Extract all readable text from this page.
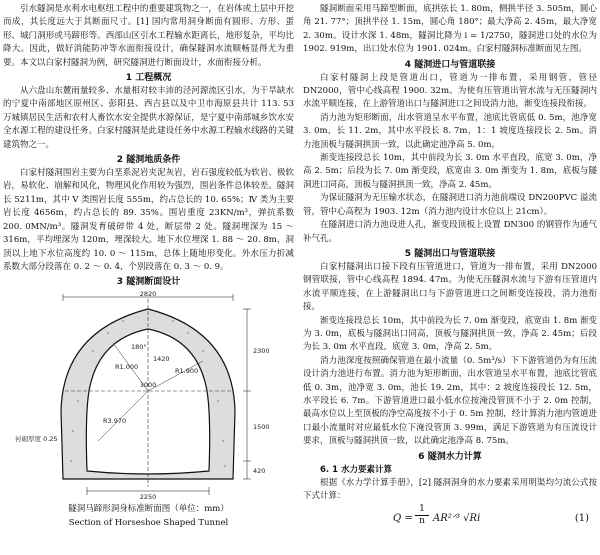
引水隧洞是水利水电枢纽工程中的重要建筑物之一，在岩体或土层中开挖而成，其长度远大于其断面尺寸。[1] 国内常用洞身断面有圆形、方形、蛋形、城门洞形或马蹄形等。西部山区引水工程输水距离长，地形复杂，平均比降大。因此，做好消能防冲等水面衔接设计，确保隧洞水流顺畅显得尤为重要。本文以白家村隧洞为例，研究隧洞进行断面设计，水面衔接分析。

1 工程概况

从六盘山东麓雨量较多、水量相对较丰沛的泾河源流区引水，为干旱缺水的宁夏中南部地区原州区、彭阳县、西吉县以及中卫市海原县共计 113. 53 万城镇居民生活和农村人畜饮水安全提供水源保证，是宁夏中南部城乡饮水安全水源工程的建设任务。白家村隧洞是此建设任务中水源工程输水线路的关键建筑物之一。

2 隧洞地质条件

白家村隧洞围岩主要为白垩系泥岩夹泥灰岩，岩石强度较低为软岩、极软岩，易软化、崩解和风化，物理风化作用较为强烈，围岩条件总体较差。隧洞长 5211m，其中 V 类围岩长度 555m，约占总长的 10. 65%；Ⅳ 类为主要岩长度 4656m，约占总长的 89. 35%。围岩重度 23KN/m³，弹抗系数 200. 0MN/m³。隧洞发育破碎带 4 处，断层带 2 处。隧洞埋深为 15 ～ 316m，平均埋深为 120m，埋深较大。地下水位埋深 1. 88 ～ 20. 8m，洞顶以上地下水位高度约 10. 0 ～ 115m，总体上随地形变化。外水压力折减系数大部分段落在 0. 2 ～ 0. 4，个别段落在 0. 3 ～ 0. 9。

3 隧洞断面设计
2820
3000
1420
180°
R1.000	R1.900
R3.970
2300
1500
420
2250
衬砌厚度 0.25
隧洞马蹄形洞身标准断面图（单位：mm）
Section of Horseshoe Shaped Tunnel

隧洞断面采用马蹄型断面，底拱弦长 1. 80m，侧拱半径 3. 505m，圆心角 21. 77°；顶拱半径 1. 15m，圆心角 180°；最大净高 2. 45m，最大净宽 2. 30m。设计水深 1. 48m，隧洞比降为 i = 1/2750，隧洞进口处的水位为 1902. 919m，出口处水位为 1901. 024m。白家村隧洞标准断面见左图。

4 隧洞进口与管道联接

白家村隧洞上段是管道出口，管道为一排布置，采用钢管，管径 DN2000，管中心线高程 1900. 32m。为使有压管道出管水流与无压隧洞内水流平顺连接，在上游管道出口与隧洞进口之间设消力池，渐变连接段衔接。

消力池为矩形断面，出水管道呈水平布置，池底比管底低 0. 5m，池净宽 3. 0m，长 11. 2m，其中水平段长 8. 7m，1：1 坡度连接段长 2. 5m。消力池顶板与隧洞拱顶一致，以此确定池净高 5. 0m。

渐变连接段总长 10m，其中前段为长 3. 0m 水平直段，底宽 3. 0m，净高 2. 5m；后段为长 7. 0m 渐变段，底宽由 3. 0m 渐变为 1. 8m，底板与隧洞进口同高，顶板与隧洞拱顶一致，净高 2. 45m。

为保证隧洞为无压输水状态，在隧洞进口消力池前端设 DN200PVC 溢流管，管中心高程为 1903. 12m（消力池内设计水位以上 21cm）。

在隧洞进口消力池设进人孔，渐变段顶板上设置 DN300 的钢管作为通气补气孔。

5 隧洞出口与管道联接

白家村隧洞出口接下段有压管道进口，管道为一排布置，采用 DN2000 钢管联接，管中心线高程 1894. 47m。为使无压隧洞水流与下游有压管道内水流平顺连接，在上游隧洞出口与下游管道进口之间断变连接段，消力池衔接。

渐变连接段总长 10m，其中前段为长 7. 0m 渐变段，底宽由 1. 8m 渐变为 3. 0m，底板与隧洞出口同高，顶板与隧洞拱顶一致，净高 2. 45m；后段为长 3. 0m 水平直段，底宽 3. 0m，净高 2. 5m。

消力池深度按照确保管道在最小流量（0. 5m³/s）下下游管道仍为有压流设计消力池进行布置。消力池为矩形断面，出水管道呈水平布置，池底比管底低 0. 3m，池净宽 3. 0m，池长 19. 2m，其中：2 坡度连接段长 12. 5m，水平段长 6. 7m。下游管道进口最小低水位按淹没管顶不小于 2. 0m 控制，最高水位以上至顶板的净空高度按不小于 0. 5m 控制，经计算消力池内管道进口最小流量时对应最低水位下淹没管顶 3. 99m，满足下游管道为有压流设计要求，顶板与隧洞拱顶一致，以此确定池净高 8. 75m。

6 隧洞水力计算
6. 1 水力要素计算

根据《水力学计算手册》，[2] 隧洞洞身的水力要素采用明渠均匀流公式按下式计算：

$Q = \frac{1}{n}$ AR²ᐟ³ √Ri	(1)
